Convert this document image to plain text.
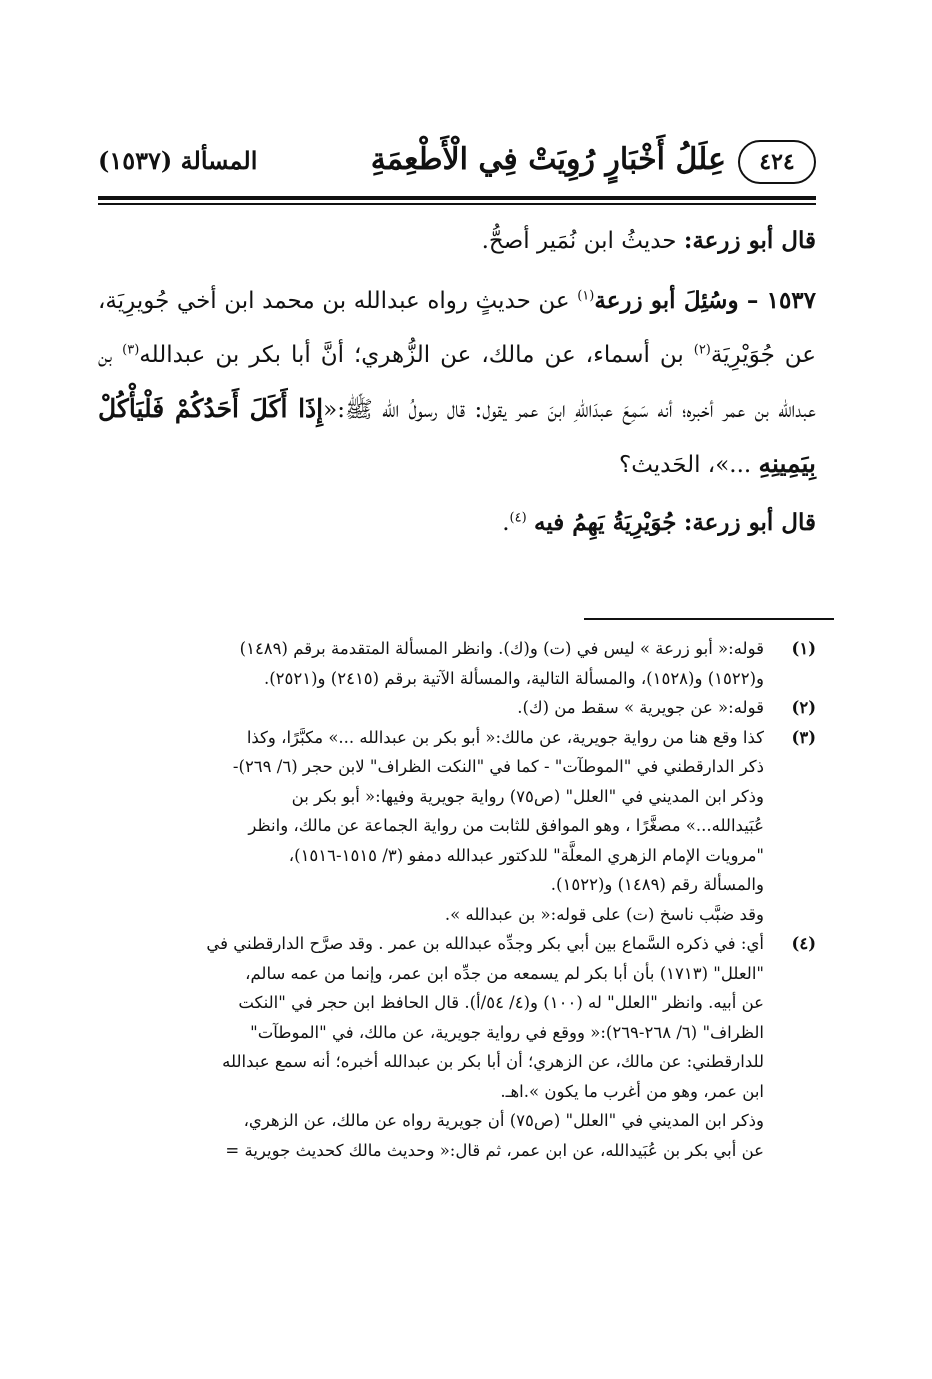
٤٢٤
عِلَلُ أَخْبَارٍ رُوِيَتْ فِي الْأَطْعِمَةِ
المسألة (١٥٣٧)

قال أبو زرعة: حديثُ ابن نُمَير أصحُّ.

١٥٣٧ – وسُئِلَ أبو زرعة$^{(١)}$ عن حديثٍ رواه عبدالله بن محمد ابن أخي جُويرِيَة، عن جُوَيْرِيَة$^{(٢)}$ بن أسماء، عن مالك، عن الزُّهري؛ أنَّ أبا بكر بن عبدالله$^{(٣)}$ بن عبدالله بن عمر أخبره؛ أنه سَمِعَ عبدَاللهِ ابنَ عمر يقول: قال رسولُ الله ﷺ:«إِذَا أَكَلَ أَحَدُكُمْ فَلْيَأْكُلْ بِيَمِينِهِ ...»، الحَديث؟

قال أبو زرعة: جُوَيْرِيَةُ يَهِمُ فيه $^{(٤)}$.

(١)
قوله:« أبو زرعة » ليس في (ت) و(ك). وانظر المسألة المتقدمة برقم (١٤٨٩)
و(١٥٢٢) و(١٥٢٨)، والمسألة التالية، والمسألة الآتية برقم (٢٤١٥) و(٢٥٢١).
(٢)
قوله:« عن جويرية » سقط من (ك).
(٣)
كذا وقع هنا من رواية جويرية، عن مالك:« أبو بكر بن عبدالله ...» مكبَّرًا، وكذا
ذكر الدارقطني في "الموطآت" - كما في "النكت الظراف" لابن حجر (٦/ ٢٦٩)-
وذكر ابن المديني في "العلل" (ص٧٥) رواية جويرية وفيها:« أبو بكر بن
عُبَيدالله...» مصغَّرًا ، وهو الموافق للثابت من رواية الجماعة عن مالك، وانظر
"مرويات الإمام الزهري المعلَّة" للدكتور عبدالله دمفو (٣/ ١٥١٥-١٥١٦)،
والمسألة رقم (١٤٨٩) و(١٥٢٢).
وقد ضبَّب ناسخ (ت) على قوله:« بن عبدالله ».
(٤)
أي: في ذكره السَّماع بين أبي بكر وجدِّه عبدالله بن عمر . وقد صرَّح الدارقطني في
"العلل" (١٧١٣) بأن أبا بكر لم يسمعه من جدِّه ابن عمر، وإنما من عمه سالم،
عن أبيه. وانظر "العلل" له (١٠٠) و(٤/ ٥٤/أ). قال الحافظ ابن حجر في "النكت
الظراف" (٦/ ٢٦٨-٢٦٩):« ووقع في رواية جويرية، عن مالك، في "الموطآت"
للدارقطني: عن مالك، عن الزهري؛ أن أبا بكر بن عبدالله أخبره؛ أنه سمع عبدالله
ابن عمر، وهو من أغرب ما يكون ».اهـ.
وذكر ابن المديني في "العلل" (ص٧٥) أن جويرية رواه عن مالك، عن الزهري،
عن أبي بكر بن عُبَيدالله، عن ابن عمر، ثم قال:« وحديث مالك كحديث جويرية =
